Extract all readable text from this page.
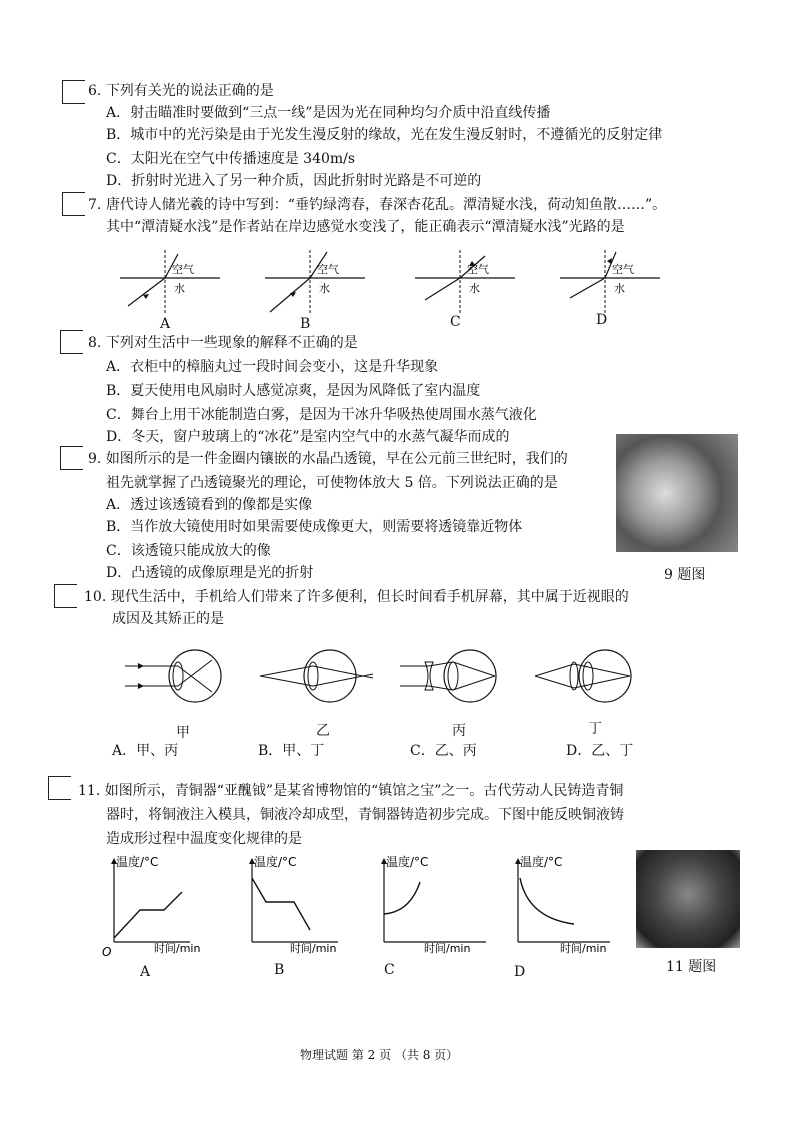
6. 下列有关光的说法正确的是
A．射击瞄准时要做到“三点一线”是因为光在同种均匀介质中沿直线传播
B．城市中的光污染是由于光发生漫反射的缘故，光在发生漫反射时，不遵循光的反射定律
C．太阳光在空气中传播速度是 340m/s
D．折射时光进入了另一种介质，因此折射时光路是不可逆的
7. 唐代诗人储光羲的诗中写到：“垂钓绿湾春，春深杏花乱。潭清疑水浅，荷动知鱼散……”。
其中“潭清疑水浅”是作者站在岸边感觉水变浅了，能正确表示“潭清疑水浅”光路的是
空气
水
空气
水
空气
水
空气
水
A	B	C	D
8. 下列对生活中一些现象的解释不正确的是
A．衣柜中的樟脑丸过一段时间会变小，这是升华现象
B．夏天使用电风扇时人感觉凉爽，是因为风降低了室内温度
C．舞台上用干冰能制造白雾，是因为干冰升华吸热使周围水蒸气液化
D．冬天，窗户玻璃上的“冰花”是室内空气中的水蒸气凝华而成的
9. 如图所示的是一件金圈内镶嵌的水晶凸透镜，早在公元前三世纪时，我们的
祖先就掌握了凸透镜聚光的理论，可使物体放大 5 倍。下列说法正确的是
A．透过该透镜看到的像都是实像
B．当作放大镜使用时如果需要使成像更大，则需要将透镜靠近物体
C．该透镜只能成放大的像
D．凸透镜的成像原理是光的折射	9 题图
10. 现代生活中，手机给人们带来了许多便利，但长时间看手机屏幕，其中属于近视眼的
成因及其矫正的是
甲	乙	丙	丁
A．甲、丙	B．甲、丁	C．乙、丙	D．乙、丁
11. 如图所示，青铜器“亚醜钺”是某省博物馆的“镇馆之宝”之一。古代劳动人民铸造青铜
器时，将铜液注入模具，铜液冷却成型，青铜器铸造初步完成。下图中能反映铜液铸
造成形过程中温度变化规律的是
温度/°C
时间/min
O
温度/°C
时间/min
温度/°C
时间/min
温度/°C
时间/min
A	B	C	D	11 题图
物理试题 第 2 页 （共 8 页）
